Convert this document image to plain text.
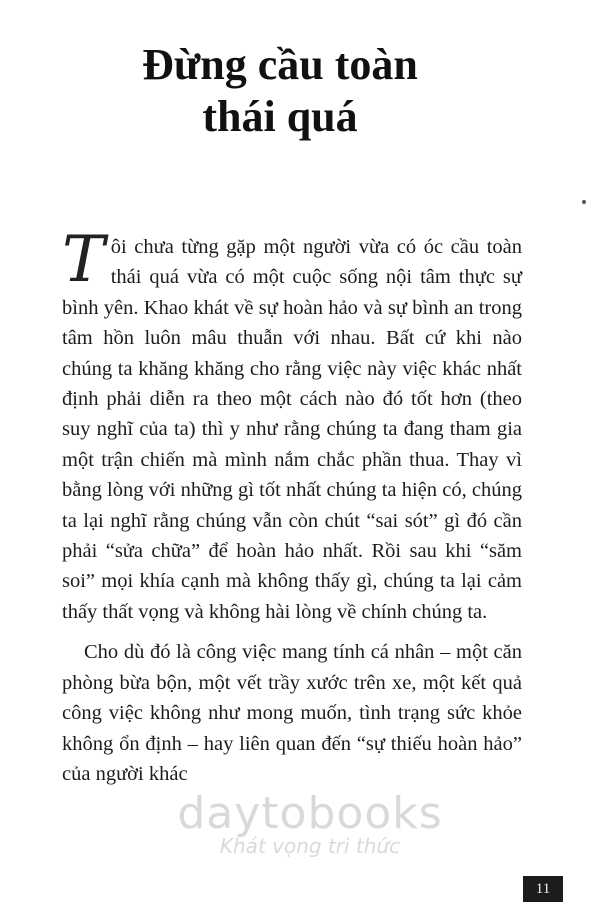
Đừng cầu toàn
thái quá

T ôi chưa từng gặp một người vừa có óc cầu toàn thái quá vừa có một cuộc sống nội tâm thực sự bình yên. Khao khát về sự hoàn hảo và sự bình an trong tâm hồn luôn mâu thuẫn với nhau. Bất cứ khi nào chúng ta khăng khăng cho rằng việc này việc khác nhất định phải diễn ra theo một cách nào đó tốt hơn (theo suy nghĩ của ta) thì y như rằng chúng ta đang tham gia một trận chiến mà mình nắm chắc phần thua. Thay vì bằng lòng với những gì tốt nhất chúng ta hiện có, chúng ta lại nghĩ rằng chúng vẫn còn chút “sai sót” gì đó cần phải “sửa chữa” để hoàn hảo nhất. Rồi sau khi “săm soi” mọi khía cạnh mà không thấy gì, chúng ta lại cảm thấy thất vọng và không hài lòng về chính chúng ta.

Cho dù đó là công việc mang tính cá nhân – một căn phòng bừa bộn, một vết trầy xước trên xe, một kết quả công việc không như mong muốn, tình trạng sức khỏe không ổn định – hay liên quan đến “sự thiếu hoàn hảo” của người khác

daytobooks
Khát vọng tri thức
11
